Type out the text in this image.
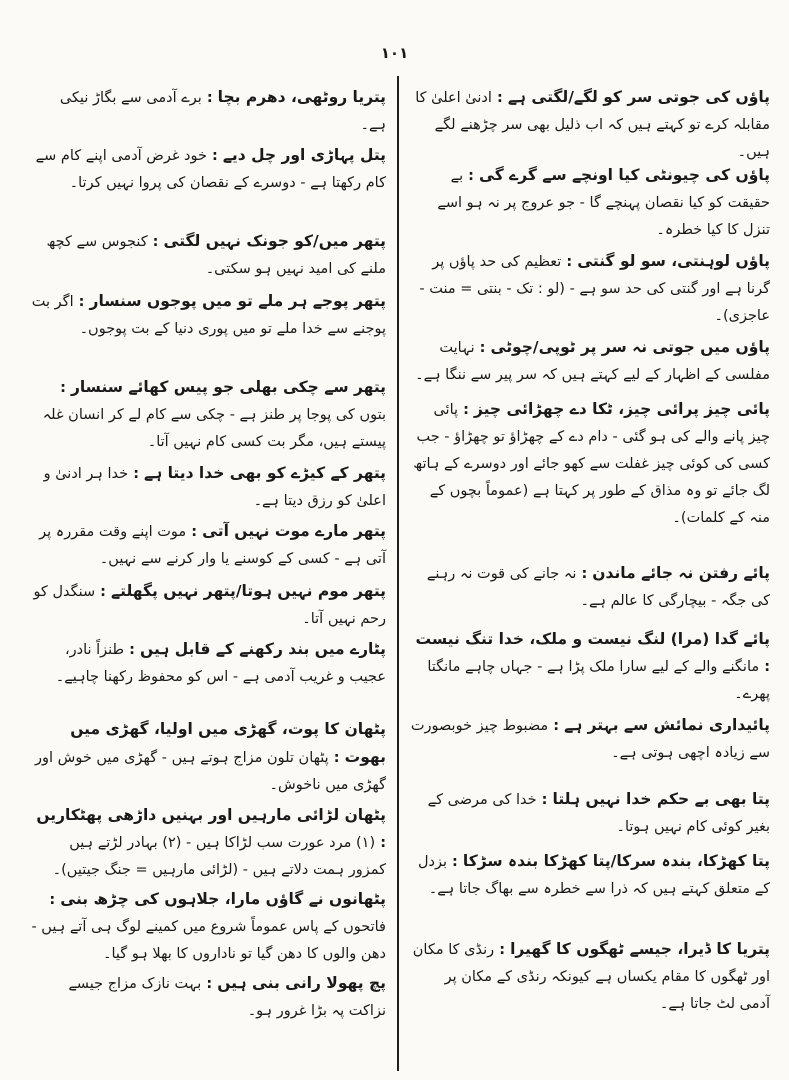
١٠١
پاؤں کی جوتی سر کو لگے/لگتی ہے : ادنیٰ اعلیٰ کا مقابلہ کرے تو کہتے ہیں کہ اب ذلیل بھی سر چڑھنے لگے ہیں۔
پاؤں کی چیونٹی کیا اونچے سے گرے گی : بے حقیقت کو کیا نقصان پہنچے گا - جو عروج پر نہ ہو اسے تنزل کا کیا خطرہ۔
پاؤں لوہنتی، سو لو گنتی : تعظیم کی حد پاؤں پر گرنا ہے اور گنتی کی حد سو ہے - (لو : تک - بنتی = منت - عاجزی)۔
پاؤں میں جوتی نہ سر پر ٹوپی/چوٹی : نہایت مفلسی کے اظہار کے لیے کہتے ہیں کہ سر پیر سے ننگا ہے۔
پائی چیز پرائی چیز، ٹکا دے چھڑائی چیز : پائی چیز پانے والے کی ہو گئی - دام دے کے چھڑاؤ تو چھڑاؤ - جب کسی کی کوئی چیز غفلت سے کھو جائے اور دوسرے کے ہاتھ لگ جائے تو وہ مذاق کے طور پر کہتا ہے (عموماً بچوں کے منہ کے کلمات)۔
پائے رفتن نہ جائے ماندن : نہ جانے کی قوت نہ رہنے کی جگہ - بیچارگی کا عالم ہے۔
پائے گدا (مرا) لنگ نیست و ملک، خدا تنگ نیست : مانگنے والے کے لیے سارا ملک پڑا ہے - جہاں چاہے مانگتا پھرے۔
پائیداری نمائش سے بہتر ہے : مضبوط چیز خوبصورت سے زیادہ اچھی ہوتی ہے۔
پتا بھی بے حکم خدا نہیں ہلتا : خدا کی مرضی کے بغیر کوئی کام نہیں ہوتا۔
پتا کھڑکا، بندہ سرکا/پتا کھڑکا بندہ سڑکا : بزدل کے متعلق کہتے ہیں کہ ذرا سے خطرہ سے بھاگ جاتا ہے۔
پتریا کا ڈیرا، جیسے ٹھگوں کا گھیرا : رنڈی کا مکان اور ٹھگوں کا مقام یکساں ہے کیونکہ رنڈی کے مکان پر آدمی لٹ جاتا ہے۔
پتریا روٹھی، دھرم بچا : برے آدمی سے بگاڑ نیکی ہے۔
پتل پہاڑی اور چل دیے : خود غرض آدمی اپنے کام سے کام رکھتا ہے - دوسرے کے نقصان کی پروا نہیں کرتا۔
پتھر میں/کو جونک نہیں لگتی : کنجوس سے کچھ ملنے کی امید نہیں ہو سکتی۔
پتھر پوجے ہر ملے تو میں پوجوں سنسار : اگر بت پوجنے سے خدا ملے تو میں پوری دنیا کے بت پوجوں۔
پتھر سے چکی بھلی جو پیس کھائے سنسار : بتوں کی پوجا پر طنز ہے - چکی سے کام لے کر انسان غلہ پیستے ہیں، مگر بت کسی کام نہیں آتا۔
پتھر کے کیڑے کو بھی خدا دیتا ہے : خدا ہر ادنیٰ و اعلیٰ کو رزق دیتا ہے۔
پتھر مارے موت نہیں آتی : موت اپنے وقت مقررہ پر آتی ہے - کسی کے کوسنے یا وار کرنے سے نہیں۔
پتھر موم نہیں ہوتا/پتھر نہیں پگھلتے : سنگدل کو رحم نہیں آتا۔
پٹارے میں بند رکھنے کے قابل ہیں : طنزاً نادر، عجیب و غریب آدمی ہے - اس کو محفوظ رکھنا چاہیے۔
پٹھان کا پوت، گھڑی میں اولیا، گھڑی میں بھوت : پٹھان تلون مزاج ہوتے ہیں - گھڑی میں خوش اور گھڑی میں ناخوش۔
پٹھان لڑائی مارہیں اور بہنیں داڑھی پھٹکاریں : (۱) مرد عورت سب لڑاکا ہیں - (۲) بہادر لڑتے ہیں کمزور ہمت دلاتے ہیں - (لڑائی مارہیں = جنگ جیتیں)۔
پٹھانوں نے گاؤں مارا، جلاہوں کی چڑھ بنی : فاتحوں کے پاس عموماً شروع میں کمینے لوگ ہی آتے ہیں - دھن والوں کا دھن گیا تو ناداروں کا بھلا ہو گیا۔
پچ پھولا رانی بنی ہیں : بہت نازک مزاج جیسے نزاکت پہ بڑا غرور ہو۔
